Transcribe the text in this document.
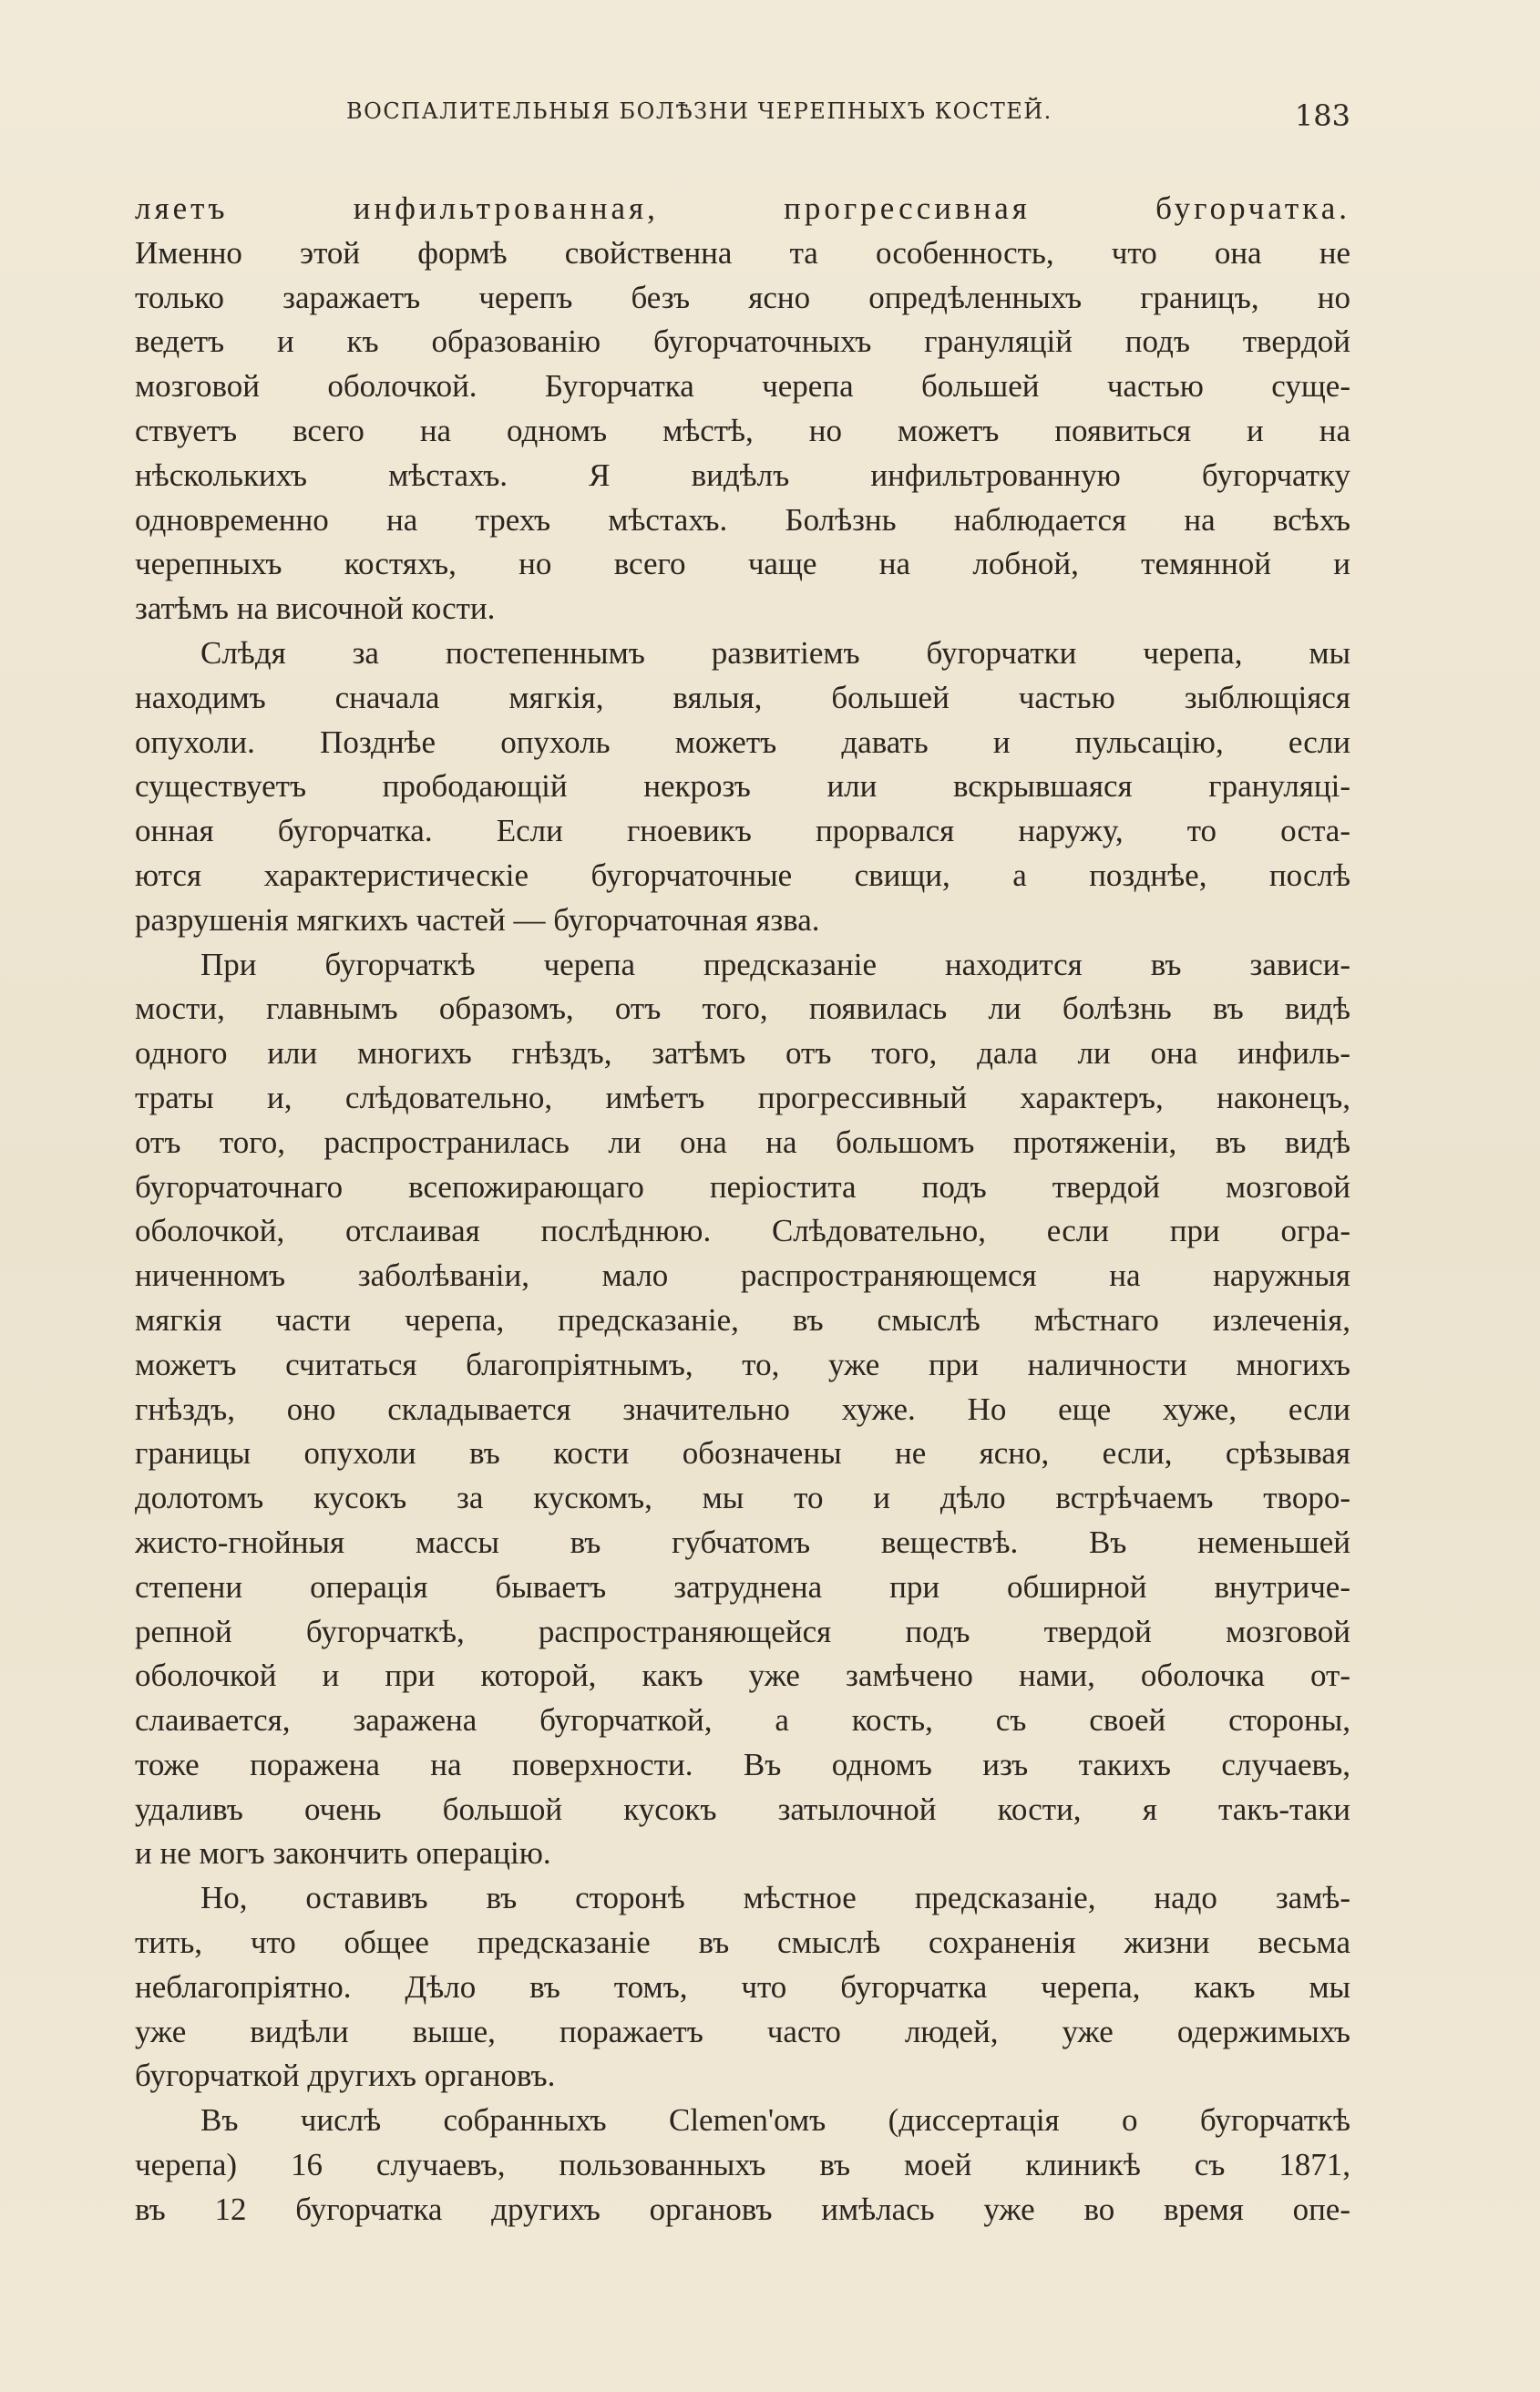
ВОСПАЛИТЕЛЬНЫЯ БОЛѢЗНИ ЧЕРЕПНЫХЪ КОСТЕЙ.	183
ляетъ инфильтрованная, прогрессивная бугорчатка.
Именно этой формѣ свойственна та особенность, что она не
только заражаетъ черепъ безъ ясно опредѣленныхъ границъ, но
ведетъ и къ образованію бугорчаточныхъ грануляцій подъ твердой
мозговой оболочкой. Бугорчатка черепа большей частью суще-
ствуетъ всего на одномъ мѣстѣ, но можетъ появиться и на
нѣсколькихъ мѣстахъ. Я видѣлъ инфильтрованную бугорчатку
одновременно на трехъ мѣстахъ. Болѣзнь наблюдается на всѣхъ
черепныхъ костяхъ, но всего чаще на лобной, темянной и
затѣмъ на височной кости.
Слѣдя за постепеннымъ развитіемъ бугорчатки черепа, мы
находимъ сначала мягкія, вялыя, большей частью зыблющіяся
опухоли. Позднѣе опухоль можетъ давать и пульсацію, если
существуетъ прободающій некрозъ или вскрывшаяся грануляці-
онная бугорчатка. Если гноевикъ прорвался наружу, то оста-
ются характеристическіе бугорчаточные свищи, а позднѣе, послѣ
разрушенія мягкихъ частей — бугорчаточная язва.
При бугорчаткѣ черепа предсказаніе находится въ зависи-
мости, главнымъ образомъ, отъ того, появилась ли болѣзнь въ видѣ
одного или многихъ гнѣздъ, затѣмъ отъ того, дала ли она инфиль-
траты и, слѣдовательно, имѣетъ прогрессивный характеръ, наконецъ,
отъ того, распространилась ли она на большомъ протяженіи, въ видѣ
бугорчаточнаго всепожирающаго періостита подъ твердой мозговой
оболочкой, отслаивая послѣднюю. Слѣдовательно, если при огра-
ниченномъ заболѣваніи, мало распространяющемся на наружныя
мягкія части черепа, предсказаніе, въ смыслѣ мѣстнаго излеченія,
можетъ считаться благопріятнымъ, то, уже при наличности многихъ
гнѣздъ, оно складывается значительно хуже. Но еще хуже, если
границы опухоли въ кости обозначены не ясно, если, срѣзывая
долотомъ кусокъ за кускомъ, мы то и дѣло встрѣчаемъ творо-
жисто-гнойныя массы въ губчатомъ веществѣ. Въ неменьшей
степени операція бываетъ затруднена при обширной внутриче-
репной бугорчаткѣ, распространяющейся подъ твердой мозговой
оболочкой и при которой, какъ уже замѣчено нами, оболочка от-
слаивается, заражена бугорчаткой, а кость, съ своей стороны,
тоже поражена на поверхности. Въ одномъ изъ такихъ случаевъ,
удаливъ очень большой кусокъ затылочной кости, я такъ-таки
и не могъ закончить операцію.
Но, оставивъ въ сторонѣ мѣстное предсказаніе, надо замѣ-
тить, что общее предсказаніе въ смыслѣ сохраненія жизни весьма
неблагопріятно. Дѣло въ томъ, что бугорчатка черепа, какъ мы
уже видѣли выше, поражаетъ часто людей, уже одержимыхъ
бугорчаткой другихъ органовъ.
Въ числѣ собранныхъ Clemen'омъ (диссертація о бугорчаткѣ
черепа) 16 случаевъ, пользованныхъ въ моей клиникѣ съ 1871,
въ 12 бугорчатка другихъ органовъ имѣлась уже во время опе-
